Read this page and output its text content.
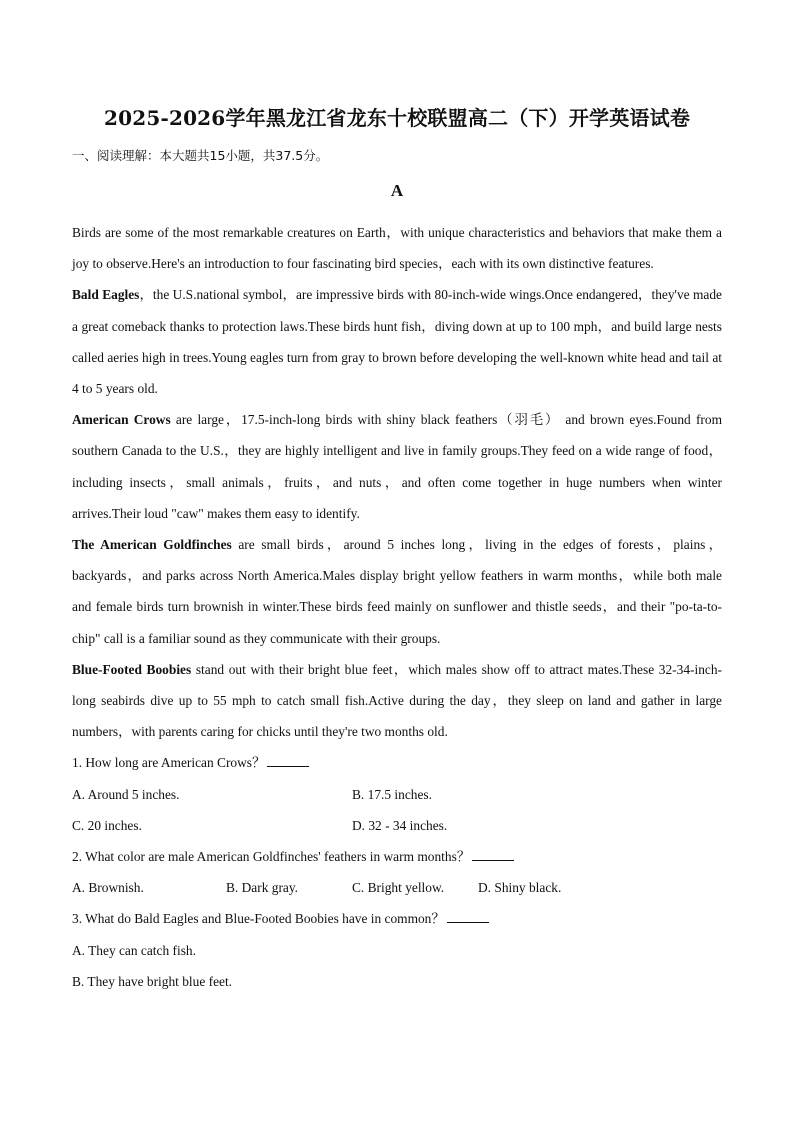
2025-2026学年黑龙江省龙东十校联盟高二（下）开学英语试卷
一、阅读理解：本大题共15小题，共37.5分。
A

Birds are some of the most remarkable creatures on Earth，with unique characteristics and behaviors that make them a joy to observe.Here's an introduction to four fascinating bird species，each with its own distinctive features.

Bald Eagles，the U.S.national symbol，are impressive birds with 80-inch-wide wings.Once endangered，they've made a great comeback thanks to protection laws.These birds hunt fish，diving down at up to 100 mph，and build large nests called aeries high in trees.Young eagles turn from gray to brown before developing the well-known white head and tail at 4 to 5 years old.

American Crows are large，17.5-inch-long birds with shiny black feathers（羽毛） and brown eyes.Found from southern Canada to the U.S.，they are highly intelligent and live in family groups.They feed on a wide range of food，including insects，small animals，fruits，and nuts，and often come together in huge numbers when winter arrives.Their loud "caw" makes them easy to identify.

The American Goldfinches are small birds，around 5 inches long，living in the edges of forests，plains，backyards，and parks across North America.Males display bright yellow feathers in warm months，while both male and female birds turn brownish in winter.These birds feed mainly on sunflower and thistle seeds，and their "po-ta-to-chip" call is a familiar sound as they communicate with their groups.

Blue-Footed Boobies stand out with their bright blue feet，which males show off to attract mates.These 32-34-inch-long seabirds dive up to 55 mph to catch small fish.Active during the day，they sleep on land and gather in large numbers，with parents caring for chicks until they're two months old.

1. How long are American Crows？

A. Around 5 inches.	B. 17.5 inches.
C. 20 inches.	D. 32 - 34 inches.

2. What color are male American Goldfinches' feathers in warm months？

A. Brownish.	B. Dark gray.	C. Bright yellow.	D. Shiny black.

3. What do Bald Eagles and Blue-Footed Boobies have in common？

A. They can catch fish.
B. They have bright blue feet.
